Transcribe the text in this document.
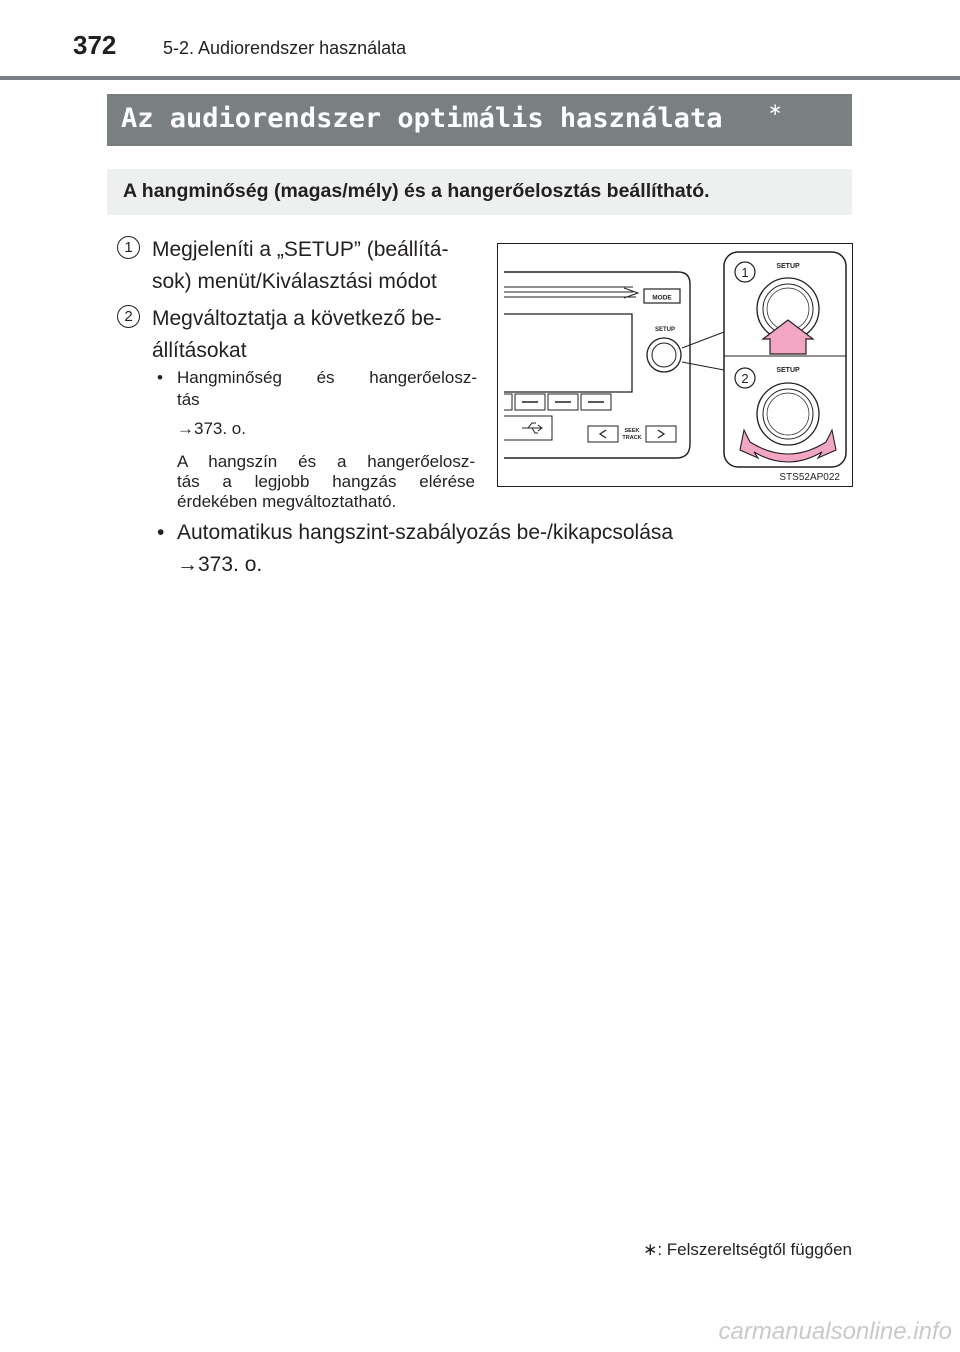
372	5-2. Audiorendszer használata
Az audiorendszer optimális használata	∗
A hangminőség (magas/mély) és a hangerőelosztás beállítható.
1 Megjeleníti a „SETUP” (beállítá-
sok) menüt/Kiválasztási módot
2 Megváltoztatja a következő be-
állításokat
• Hangminőség és hangerőelosz-
tás
→373. o.
A hangszín és a hangerőelosz-
tás a legjobb hangzás elérése
érdekében megváltoztatható.
• Automatikus hangszint-szabályozás be-/kikapcsolása
→373. o.
MODE
SETUP
SEEK
TRACK
1	SETUP
2
SETUP
STS52AP022
∗: Felszereltségtől függően
carmanualsonline.info
